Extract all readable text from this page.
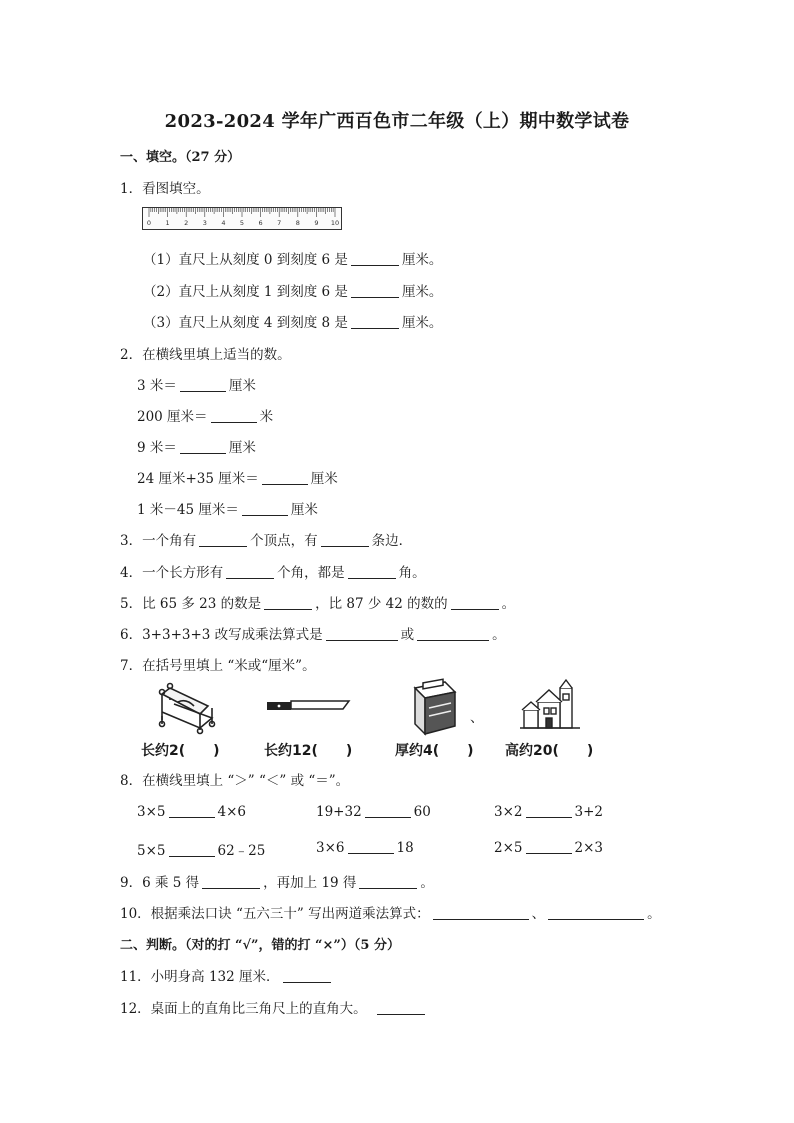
2023-2024 学年广西百色市二年级（上）期中数学试卷
一、填空。（27 分）
1．看图填空。
0 1 2 3 4 5 6 7 8 9 10
（1）直尺上从刻度 0 到刻度 6 是	厘米。
（2）直尺上从刻度 1 到刻度 6 是	厘米。
（3）直尺上从刻度 4 到刻度 8 是	厘米。
2．在横线里填上适当的数。
3 米＝	厘米
200 厘米＝	米
9 米＝	厘米
24 厘米+35 厘米＝	厘米
1 米－45 厘米＝	厘米
3．一个角有	个顶点，有	条边．
4．一个长方形有	个角，都是	角。
5．比 65 多 23 的数是	，比 87 少 42 的数的	。
6．3+3+3+3 改写成乘法算式是	或	。
7．在括号里填上 “米或“厘米”。
、
长约2( )	长约12( )	厚约4( ) 高约20( )
8．在横线里填上 “＞” “＜” 或 “＝”。
3×5	4×6	19+32	60	3×2	3+2
5×5	62﹣25	3×6	18	2×5	2×3
9．6 乘 5 得	，再加上 19 得	。
10．根据乘法口诀 “五六三十” 写出两道乘法算式：	、	。
二、判断。（对的打 “√”，错的打 “×”）（5 分）
11．小明身高 132 厘米．
12．桌面上的直角比三角尺上的直角大。
